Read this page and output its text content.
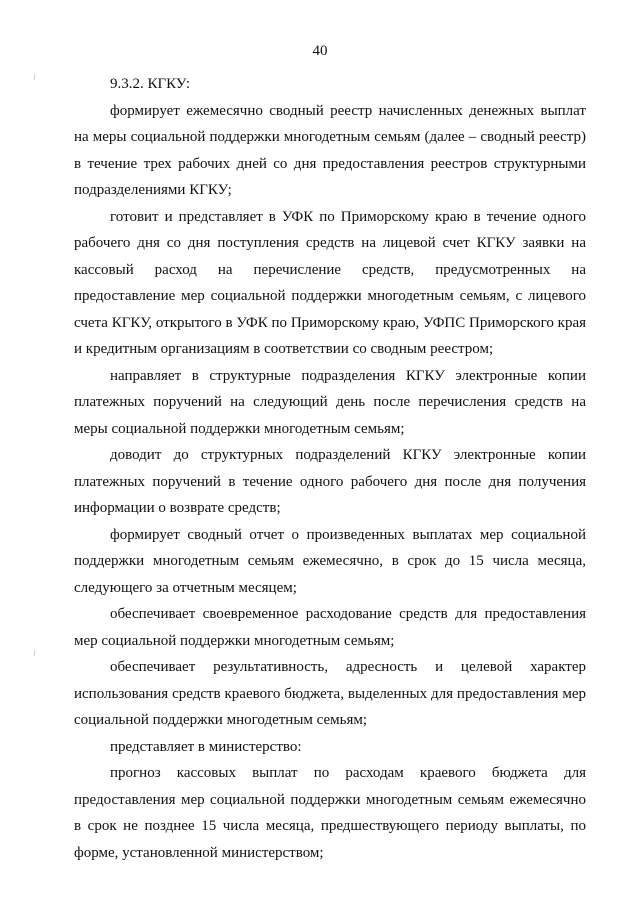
40

9.3.2. КГКУ:

формирует ежемесячно сводный реестр начисленных денежных выплат на меры социальной поддержки многодетным семьям (далее – сводный реестр) в течение трех рабочих дней со дня предоставления реестров структурными подразделениями КГКУ;

готовит и представляет в УФК по Приморскому краю в течение одного рабочего дня со дня поступления средств на лицевой счет КГКУ заявки на кассовый расход на перечисление средств, предусмотренных на предоставление мер социальной поддержки многодетным семьям, с лицевого счета КГКУ, открытого в УФК по Приморскому краю, УФПС Приморского края и кредитным организациям в соответствии со сводным реестром;

направляет в структурные подразделения КГКУ электронные копии платежных поручений на следующий день после перечисления средств на меры социальной поддержки многодетным семьям;

доводит до структурных подразделений КГКУ электронные копии платежных поручений в течение одного рабочего дня после дня получения информации о возврате средств;

формирует сводный отчет о произведенных выплатах мер социальной поддержки многодетным семьям ежемесячно, в срок до 15 числа месяца, следующего за отчетным месяцем;

обеспечивает своевременное расходование средств для предоставления мер социальной поддержки многодетным семьям;

обеспечивает результативность, адресность и целевой характер использования средств краевого бюджета, выделенных для предоставления мер социальной поддержки многодетным семьям;

представляет в министерство:

прогноз кассовых выплат по расходам краевого бюджета для предоставления мер социальной поддержки многодетным семьям ежемесячно в срок не позднее 15 числа месяца, предшествующего периоду выплаты, по форме, установленной министерством;
